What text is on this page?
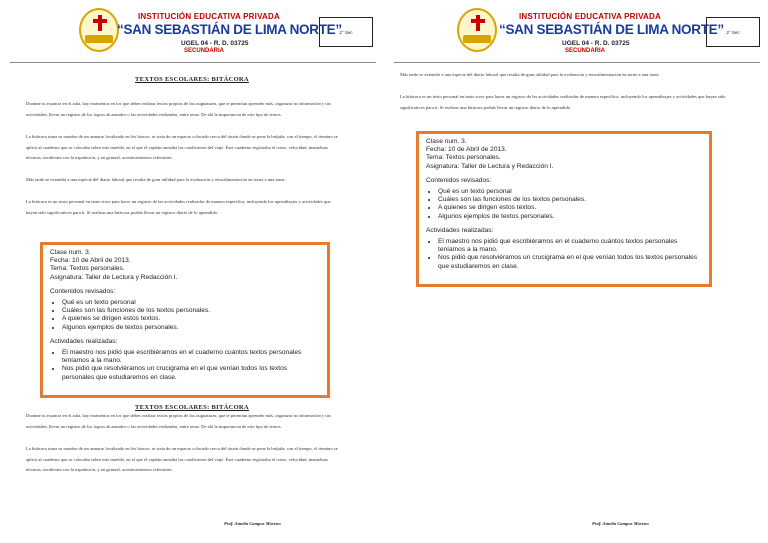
INSTITUCIÓN EDUCATIVA PRIVADA
“SAN SEBASTIÁN DE LIMA NORTE”
UGEL 04 - R. D. 03725
SECUNDARIA
2° Sec
TEXTOS ESCOLARES: BITÁCORA
Durante tu estancia en el aula, hay momentos en los que debes realizar textos propios de las asignaturas, que te permitan aprender más, organizar tu información y tus actividades, llevar un registro de los logros alcanzados o las actividades realizadas, entre otras. De ahí la importancia de este tipo de textos.
La bitácora toma su nombre de un armario localizado en los barcos; se trata de un espacio colocado cerca del timón donde se pone la brújula; con el tiempo, el término se aplicó al cuaderno que se colocaba sobre este mueble, en el que el capitán anotaba las condiciones del viaje. Este cuaderno registraba el curso, velocidad, maniobras técnicas, incidentes con la tripulación, y en general, acontecimientos relevantes.
Más tarde se extendió a una especie del diario laboral que resulta de gran utilidad para la evaluación y retroalimentación en torno a una tarea.
La bitácora es un texto personal en tanto sirve para hacer un registro de las actividades realizadas de manera específica, incluyendo los aprendizajes y actividades que hayan sido significativos para ti. Si realizas una bitácora podrás llevar un registro diario de lo aprendido.
Clase num. 3.
Fecha: 10 de Abril de 2013.
Tema: Textos personales.
Asignatura: Taller de Lectura y Redacción I.
Contenidos revisados:
• Qué es un texto personal
• Cuáles son las funciones de los textos personales.
• A quienes se dirigen estos textos.
• Algunos ejemplos de textos personales.
Actividades realizadas:
• El maestro nos pidió que escribiéramos en el cuaderno cuántos textos personales teníamos a la mano.
• Nos pidió que resolviéramos un crucigrama en el que venían todos los textos personales que estudiaremos en clase.
TEXTOS ESCOLARES: BITÁCORA
Durante tu estancia en el aula, hay momentos en los que debes realizar textos propios de las asignaturas, que te permitan aprender más, organizar tu información y tus actividades, llevar un registro de los logros alcanzados o las actividades realizadas, entre otras. De ahí la importancia de este tipo de textos.
La bitácora toma su nombre de un armario localizado en los barcos; se trata de un espacio colocado cerca del timón donde se pone la brújula; con el tiempo, el término se aplicó al cuaderno que se colocaba sobre este mueble, en el que el capitán anotaba las condiciones del viaje. Este cuaderno registraba el curso, velocidad, maniobras técnicas, incidentes con la tripulación, y en general, acontecimientos relevantes.
Prof. Amelia Campos Moreno
INSTITUCIÓN EDUCATIVA PRIVADA
“SAN SEBASTIÁN DE LIMA NORTE”
UGEL 04 - R. D. 03725
SECUNDARIA
2° Sec
Más tarde se extendió a una especie del diario laboral que resulta de gran utilidad para la evaluación y retroalimentación en torno a una tarea.
La bitácora es un texto personal en tanto sirve para hacer un registro de las actividades realizadas de manera específica, incluyendo los aprendizajes y actividades que hayan sido significativos para ti. Si realizas una bitácora podrás llevar un registro diario de lo aprendido.
Clase num. 3.
Fecha: 10 de Abril de 2013.
Tema: Textos personales.
Asignatura: Taller de Lectura y Redacción I.
Contenidos revisados:
• Qué es un texto personal
• Cuáles son las funciones de los textos personales.
• A quienes se dirigen estos textos.
• Algunos ejemplos de textos personales.
Actividades realizadas:
• El maestro nos pidió que escribiéramos en el cuaderno cuántos textos personales teníamos a la mano.
• Nos pidió que resolviéramos un crucigrama en el que venían todos los textos personales que estudiaremos en clase.
Prof. Amelia Campos Moreno
